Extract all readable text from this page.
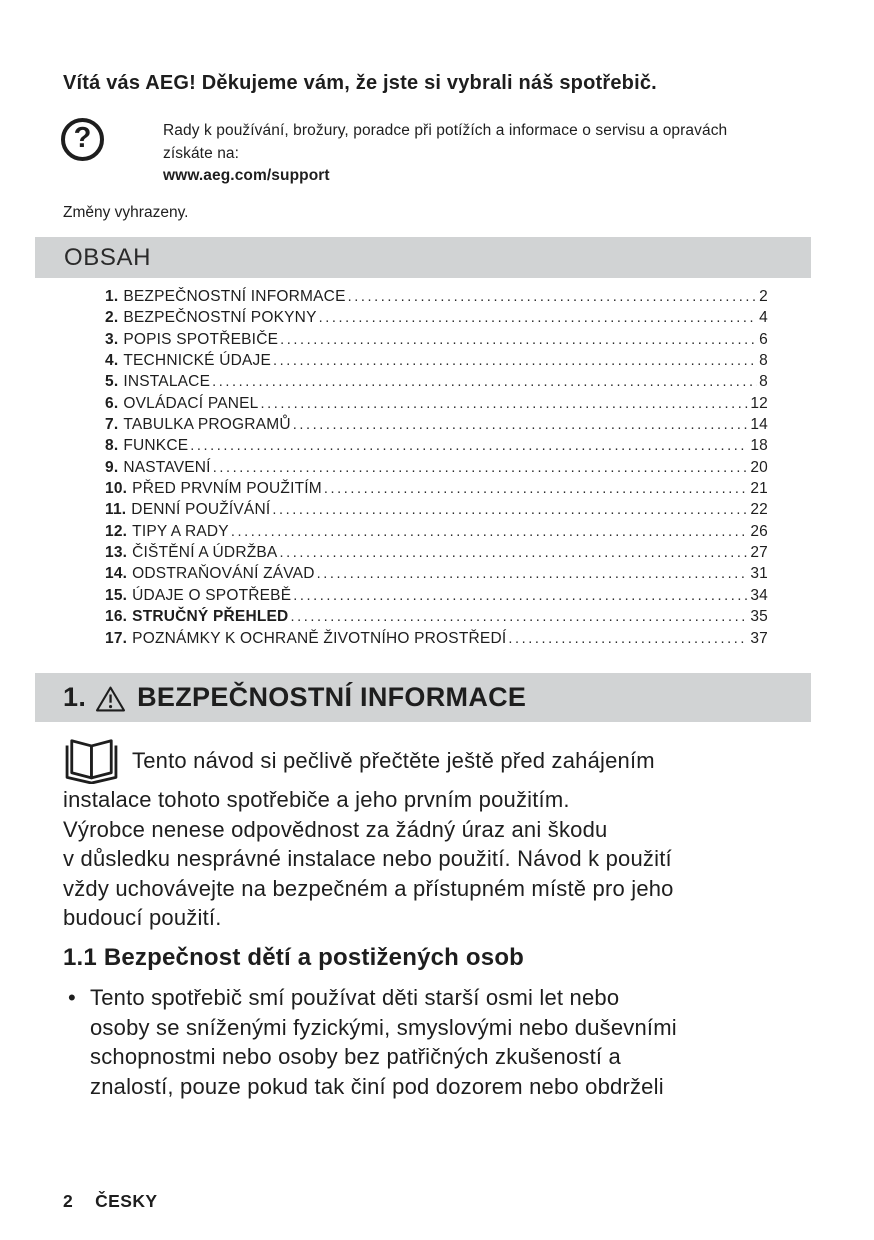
Vítá vás AEG! Děkujeme vám, že jste si vybrali náš spotřebič.
?	Rady k používání, brožury, poradce při potížích a informace o servisu a opravách
získáte na:
www.aeg.com/support
Změny vyhrazeny.
OBSAH
1. BEZPEČNOSTNÍ INFORMACE .....	2
2. BEZPEČNOSTNÍ POKYNY .....	4
3. POPIS SPOTŘEBIČE .....	6
4. TECHNICKÉ ÚDAJE .....	8
5. INSTALACE .....	8
6. OVLÁDACÍ PANEL .....	12
7. TABULKA PROGRAMŮ .....	14
8. FUNKCE .....	18
9. NASTAVENÍ .....	20
10. PŘED PRVNÍM POUŽITÍM .....	21
11. DENNÍ POUŽÍVÁNÍ .....	22
12. TIPY A RADY .....	26
13. ČIŠTĚNÍ A ÚDRŽBA .....	27
14. ODSTRAŇOVÁNÍ ZÁVAD .....	31
15. ÚDAJE O SPOTŘEBĚ .....	34
16. STRUČNÝ PŘEHLED .....	35
17. POZNÁMKY K OCHRANĚ ŽIVOTNÍHO PROSTŘEDÍ .....	37
1. BEZPEČNOSTNÍ INFORMACE
Tento návod si pečlivě přečtěte ještě před zahájením
instalace tohoto spotřebiče a jeho prvním použitím.
Výrobce nenese odpovědnost za žádný úraz ani škodu
v důsledku nesprávné instalace nebo použití. Návod k použití
vždy uchovávejte na bezpečném a přístupném místě pro jeho
budoucí použití.
1.1 Bezpečnost dětí a postižených osob
• Tento spotřebič smí používat děti starší osmi let nebo
osoby se sníženými fyzickými, smyslovými nebo duševními
schopnostmi nebo osoby bez patřičných zkušeností a
znalostí, pouze pokud tak činí pod dozorem nebo obdrželi
2 ČESKY
